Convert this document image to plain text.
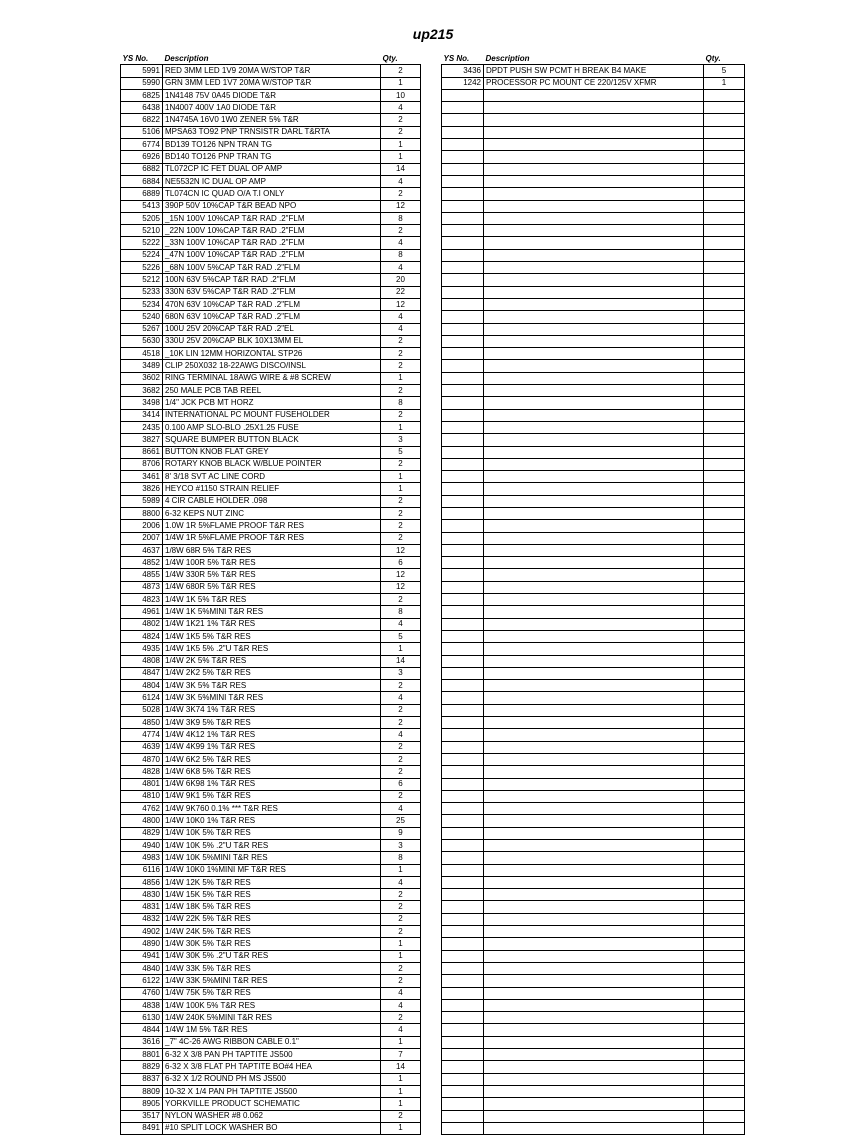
up215
YS No.	Description	Qty.
5991	RED 3MM LED 1V9 20MA W/STOP T&R	2
5990	GRN 3MM LED 1V7 20MA W/STOP T&R	1
6825	1N4148 75V 0A45 DIODE T&R	10
6438	1N4007 400V 1A0 DIODE T&R	4
6822	1N4745A 16V0 1W0 ZENER 5% T&R	2
5106	MPSA63 TO92 PNP TRNSISTR DARL T&RTA	2
6774	BD139 TO126 NPN TRAN TG	1
6926	BD140 TO126 PNP TRAN TG	1
6882	TL072CP IC FET DUAL OP AMP	14
6884	NE5532N IC DUAL OP AMP	4
6889	TL074CN IC QUAD O/A T.I ONLY	2
5413	390P 50V 10%CAP T&R BEAD NPO	12
5205	_15N 100V 10%CAP T&R RAD .2"FLM	8
5210	_22N 100V 10%CAP T&R RAD .2"FLM	2
5222	_33N 100V 10%CAP T&R RAD .2"FLM	4
5224	_47N 100V 10%CAP T&R RAD .2"FLM	8
5226	_68N 100V 5%CAP T&R RAD .2"FLM	4
5212	100N 63V 5%CAP T&R RAD .2"FLM	20
5233	330N 63V 5%CAP T&R RAD .2"FLM	22
5234	470N 63V 10%CAP T&R RAD .2"FLM	12
5240	680N 63V 10%CAP T&R RAD .2"FLM	4
5267	100U 25V 20%CAP T&R RAD .2"EL	4
5630	330U 25V 20%CAP BLK 10X13MM EL	2
4518	_10K LIN 12MM HORIZONTAL STP26	2
3489	CLIP 250X032 18-22AWG DISCO/INSL	2
3602	RING TERMINAL 18AWG WIRE & #8 SCREW	1
3682	250 MALE PCB TAB REEL	2
3498	1/4" JCK PCB MT HORZ	8
3414	INTERNATIONAL PC MOUNT FUSEHOLDER	2
2435	0.100 AMP SLO-BLO .25X1.25 FUSE	1
3827	SQUARE BUMPER BUTTON BLACK	3
8661	BUTTON KNOB FLAT GREY	5
8706	ROTARY KNOB BLACK W/BLUE POINTER	2
3461	8' 3/18 SVT AC LINE CORD	1
3826	HEYCO #1150 STRAIN RELIEF	1
5989	4 CIR CABLE HOLDER .098	2
8800	6-32 KEPS NUT ZINC	2
2006	1.0W 1R 5%FLAME PROOF T&R RES	2
2007	1/4W 1R 5%FLAME PROOF T&R RES	2
4637	1/8W 68R 5% T&R RES	12
4852	1/4W 100R 5% T&R RES	6
4855	1/4W 330R 5% T&R RES	12
4873	1/4W 680R 5% T&R RES	12
4823	1/4W 1K 5% T&R RES	2
4961	1/4W 1K 5%MINI T&R RES	8
4802	1/4W 1K21 1% T&R RES	4
4824	1/4W 1K5 5% T&R RES	5
4935	1/4W 1K5 5% .2"U T&R RES	1
4808	1/4W 2K 5% T&R RES	14
4847	1/4W 2K2 5% T&R RES	3
4804	1/4W 3K 5% T&R RES	2
6124	1/4W 3K 5%MINI T&R RES	4
5028	1/4W 3K74 1% T&R RES	2
4850	1/4W 3K9 5% T&R RES	2
4774	1/4W 4K12 1% T&R RES	4
4639	1/4W 4K99 1% T&R RES	2
4870	1/4W 6K2 5% T&R RES	2
4828	1/4W 6K8 5% T&R RES	2
4801	1/4W 6K98 1% T&R RES	6
4810	1/4W 9K1 5% T&R RES	2
4762	1/4W 9K760 0.1% *** T&R RES	4
4800	1/4W 10K0 1% T&R RES	25
4829	1/4W 10K 5% T&R RES	9
4940	1/4W 10K 5% .2"U T&R RES	3
4983	1/4W 10K 5%MINI T&R RES	8
6116	1/4W 10K0 1%MINI MF T&R RES	1
4856	1/4W 12K 5% T&R RES	4
4830	1/4W 15K 5% T&R RES	2
4831	1/4W 18K 5% T&R RES	2
4832	1/4W 22K 5% T&R RES	2
4902	1/4W 24K 5% T&R RES	2
4890	1/4W 30K 5% T&R RES	1
4941	1/4W 30K 5% .2"U T&R RES	1
4840	1/4W 33K 5% T&R RES	2
6122	1/4W 33K 5%MINI T&R RES	2
4760	1/4W 75K 5% T&R RES	4
4838	1/4W 100K 5% T&R RES	4
6130	1/4W 240K 5%MINI T&R RES	2
4844	1/4W 1M 5% T&R RES	4
3616	_7" 4C-26 AWG RIBBON CABLE 0.1"	1
8801	6-32 X 3/8 PAN PH TAPTITE JS500	7
8829	6-32 X 3/8 FLAT PH TAPTITE BO#4 HEA	14
8837	6-32 X 1/2 ROUND PH MS JS500	1
8809	10-32 X 1/4 PAN PH TAPTITE JS500	1
8905	YORKVILLE PRODUCT SCHEMATIC	1
3517	NYLON WASHER #8 0.062	2
8491	#10 SPLIT LOCK WASHER BO	1
YS No.	Description	Qty.
3436	DPDT PUSH SW PCMT H BREAK B4 MAKE	5
1242	PROCESSOR PC MOUNT CE 220/125V XFMR	1
